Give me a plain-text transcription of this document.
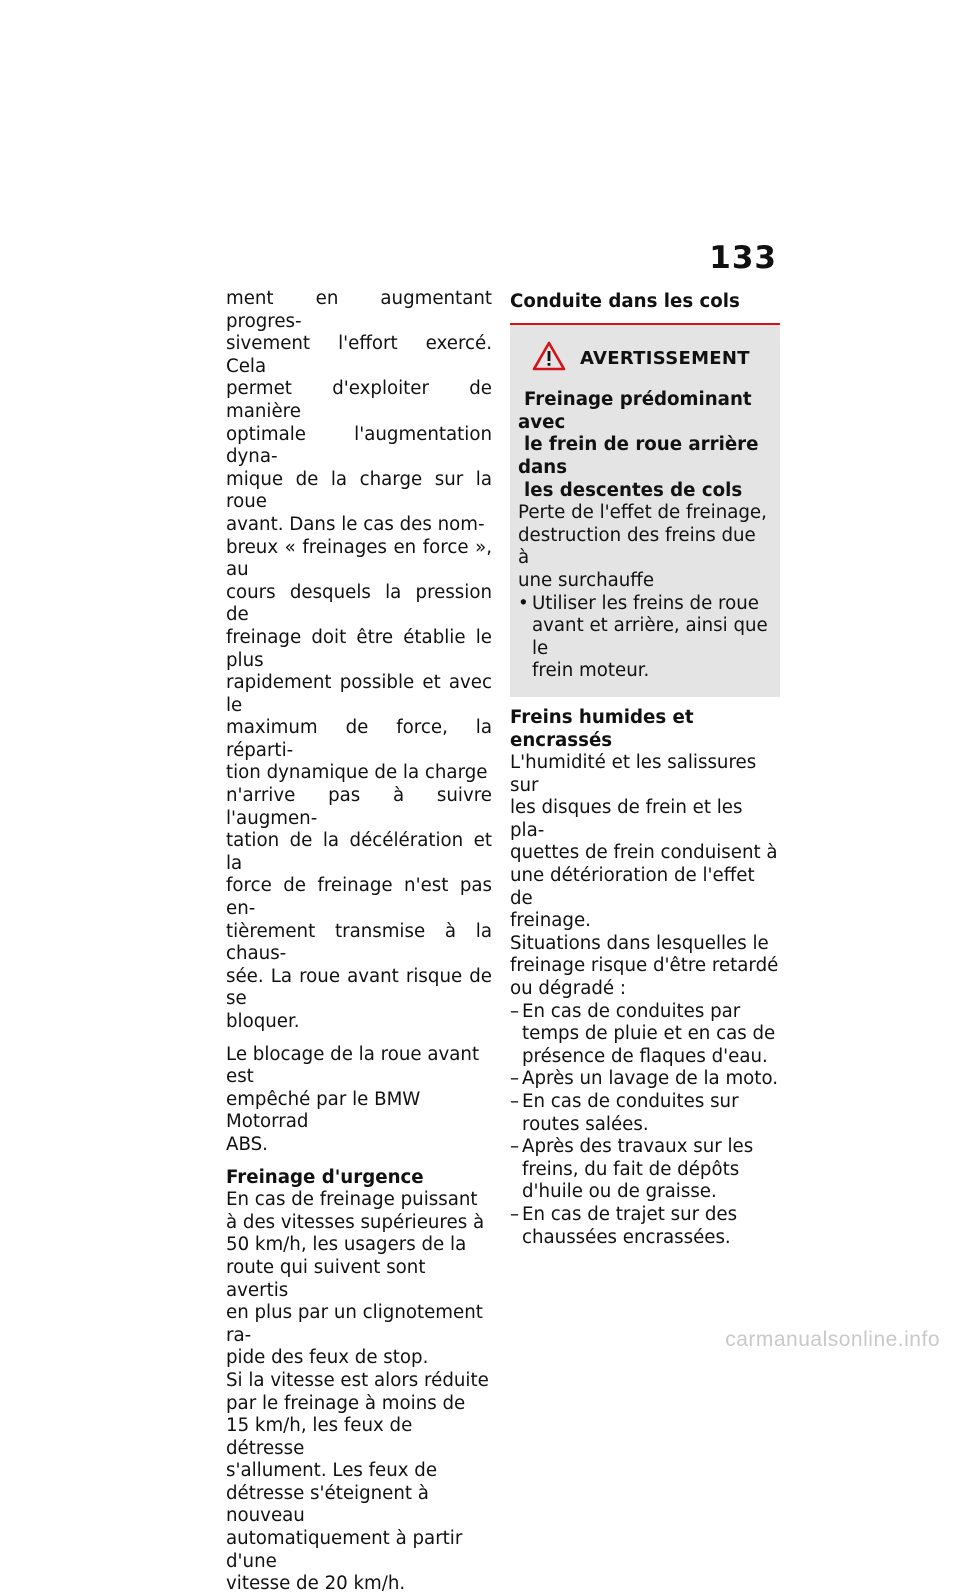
133
ment en augmentant progres-
sivement l'effort exercé. Cela
permet d'exploiter de manière
optimale l'augmentation dyna-
mique de la charge sur la roue
avant. Dans le cas des nom-
breux « freinages en force », au
cours desquels la pression de
freinage doit être établie le plus
rapidement possible et avec le
maximum de force, la réparti-
tion dynamique de la charge
n'arrive pas à suivre l'augmen-
tation de la décélération et la
force de freinage n'est pas en-
tièrement transmise à la chaus-
sée. La roue avant risque de se
bloquer.
Le blocage de la roue avant est
empêché par le BMW Motorrad
ABS.
Freinage d'urgence
En cas de freinage puissant
à des vitesses supérieures à
50 km/h, les usagers de la
route qui suivent sont avertis
en plus par un clignotement ra-
pide des feux de stop.
Si la vitesse est alors réduite
par le freinage à moins de
15 km/h, les feux de détresse
s'allument. Les feux de
détresse s'éteignent à nouveau
automatiquement à partir d'une
vitesse de 20 km/h.
Conduite dans les cols
AVERTISSEMENT
Freinage prédominant avec
le frein de roue arrière dans
les descentes de cols
Perte de l'effet de freinage,
destruction des freins due à
une surchauffe
• Utiliser les freins de roue
avant et arrière, ainsi que le
frein moteur.
Freins humides et encrassés
L'humidité et les salissures sur
les disques de frein et les pla-
quettes de frein conduisent à
une détérioration de l'effet de
freinage.
Situations dans lesquelles le
freinage risque d'être retardé
ou dégradé :
– En cas de conduites par
temps de pluie et en cas de
présence de flaques d'eau.
– Après un lavage de la moto.
– En cas de conduites sur
routes salées.
– Après des travaux sur les
freins, du fait de dépôts
d'huile ou de graisse.
– En cas de trajet sur des
chaussées encrassées.
carmanualsonline.info
